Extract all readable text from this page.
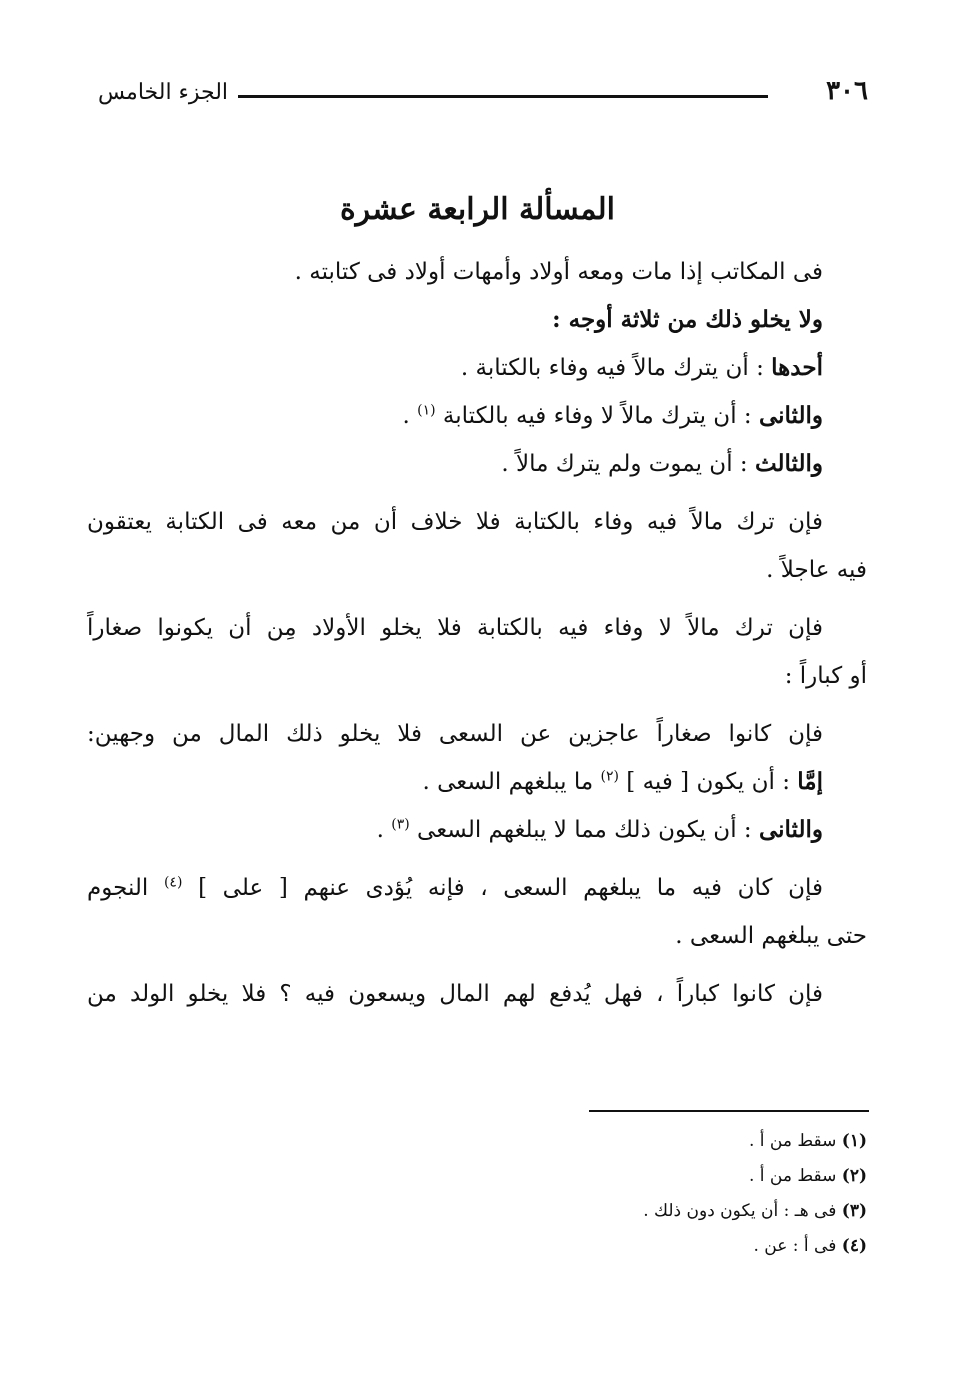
الجزء الخامس	٣٠٦
المسألة الرابعة عشرة
فى المكاتب إذا مات ومعه أولاد وأمهات أولاد فى كتابته .
ولا يخلو ذلك من ثلاثة أوجه :
أحدها : أن يترك مالاً فيه وفاء بالكتابة .
والثانى : أن يترك مالاً لا وفاء فيه بالكتابة $^{(١)}$ .
والثالث : أن يموت ولم يترك مالاً .
فإن ترك مالاً فيه وفاء بالكتابة فلا خلاف أن من معه فى الكتابة يعتقون
فيه عاجلاً .
فإن ترك مالاً لا وفاء فيه بالكتابة فلا يخلو الأولاد مِن أن يكونوا صغاراً
أو كباراً :
فإن كانوا صغاراً عاجزين عن السعى فلا يخلو ذلك المال من وجهين:
إمَّا : أن يكون [ فيه ] $^{(٢)}$ ما يبلغهم السعى .
والثانى : أن يكون ذلك مما لا يبلغهم السعى $^{(٣)}$ .
فإن كان فيه ما يبلغهم السعى ، فإنه يُؤدى عنهم [ على ] $^{(٤)}$ النجوم
حتى يبلغهم السعى .
فإن كانوا كباراً ، فهل يُدفع لهم المال ويسعون فيه ؟ فلا يخلو الولد من
(١) سقط من أ .
(٢) سقط من أ .
(٣) فى هـ : أن يكون دون ذلك .
(٤) فى أ : عن .
